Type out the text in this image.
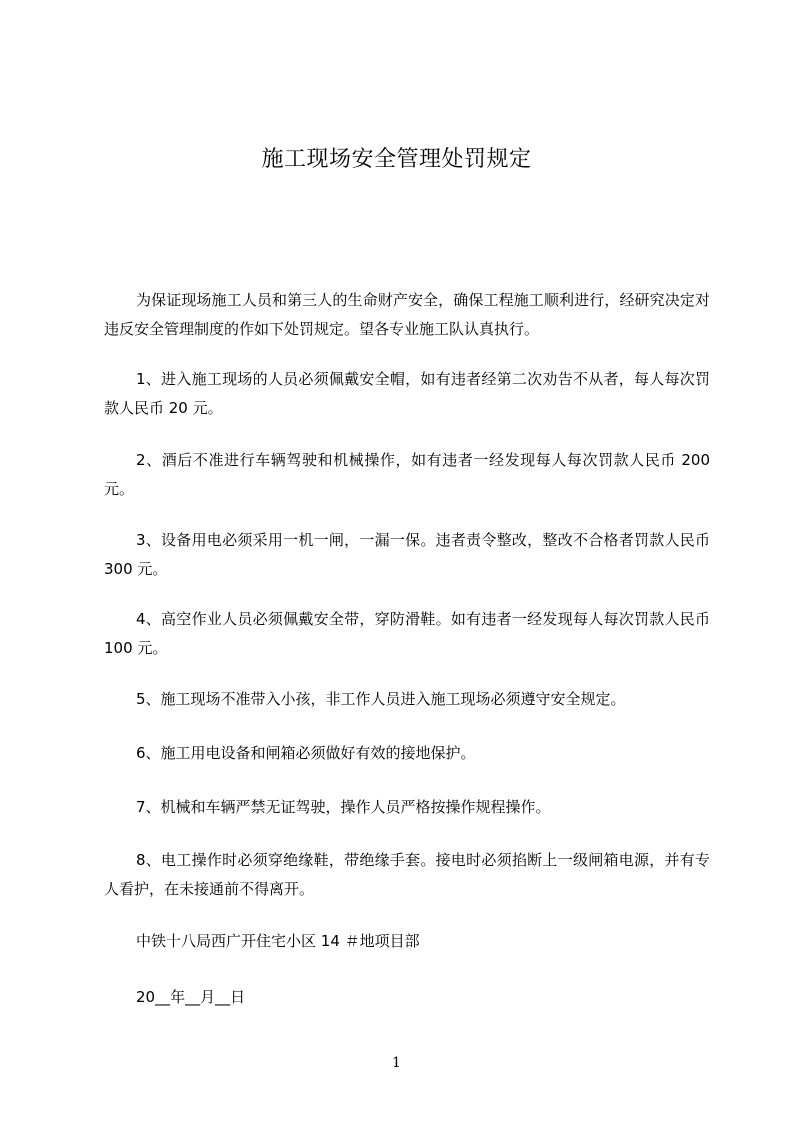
施工现场安全管理处罚规定

为保证现场施工人员和第三人的生命财产安全，确保工程施工顺利进行，经研究决定对违反安全管理制度的作如下处罚规定。望各专业施工队认真执行。

1、进入施工现场的人员必须佩戴安全帽，如有违者经第二次劝告不从者，每人每次罚款人民币 20 元。

2、酒后不准进行车辆驾驶和机械操作，如有违者一经发现每人每次罚款人民币 200 元。

3、设备用电必须采用一机一闸，一漏一保。违者责令整改，整改不合格者罚款人民币 300 元。

4、高空作业人员必须佩戴安全带，穿防滑鞋。如有违者一经发现每人每次罚款人民币 100 元。

5、施工现场不准带入小孩，非工作人员进入施工现场必须遵守安全规定。
6、施工用电设备和闸箱必须做好有效的接地保护。
7、机械和车辆严禁无证驾驶，操作人员严格按操作规程操作。

8、电工操作时必须穿绝缘鞋，带绝缘手套。接电时必须掐断上一级闸箱电源，并有专人看护，在未接通前不得离开。

中铁十八局西广开住宅小区 14 ＃地项目部
20__年__月__日
1
